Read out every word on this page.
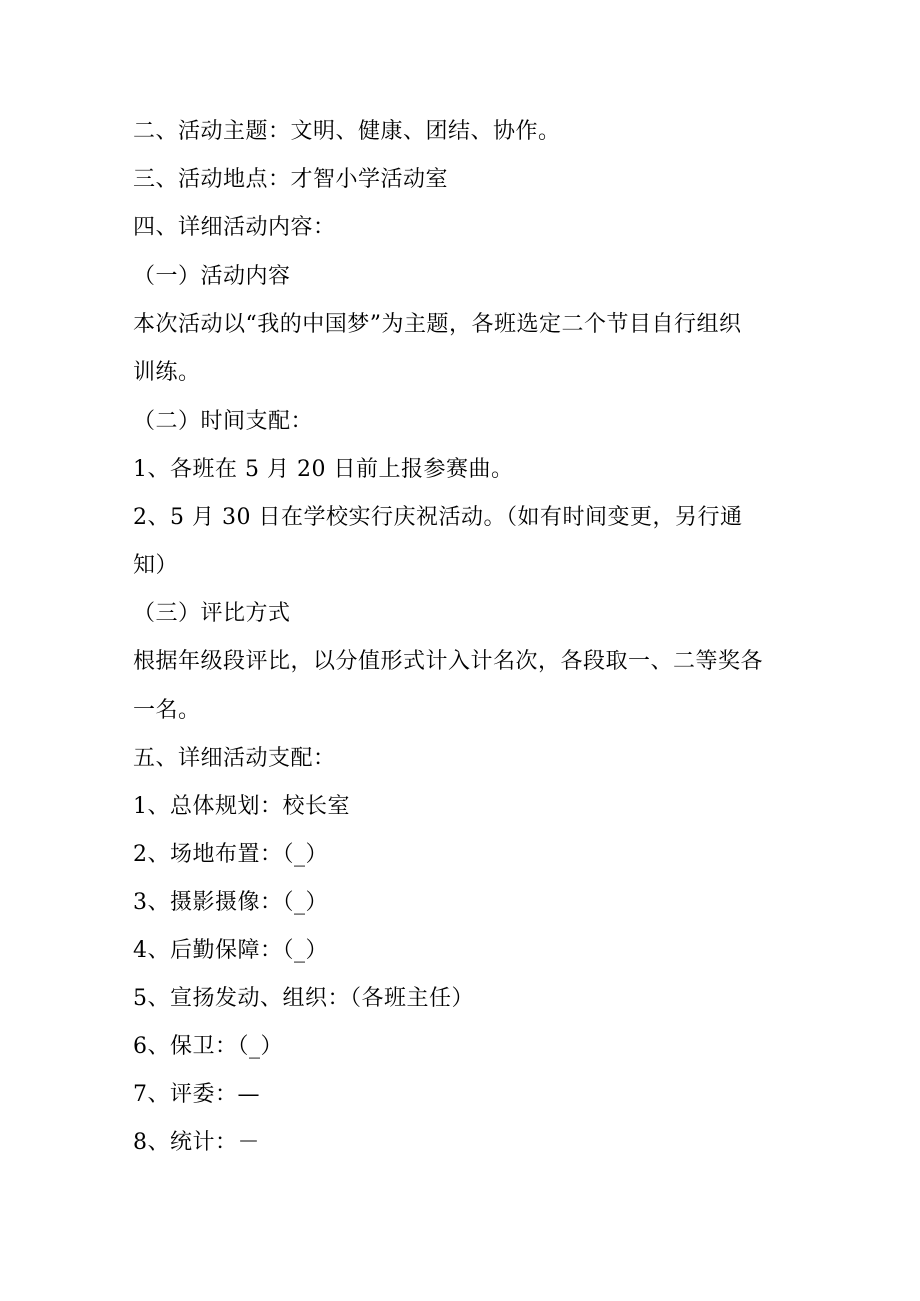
二、活动主题：文明、健康、团结、协作。
三、活动地点：才智小学活动室
四、详细活动内容：
（一）活动内容
本次活动以“我的中国梦”为主题，各班选定二个节目自行组织
训练。
（二）时间支配：
1、各班在 5 月 20 日前上报参赛曲。
2、5 月 30 日在学校实行庆祝活动。（如有时间变更，另行通
知）
（三）评比方式
根据年级段评比，以分值形式计入计名次，各段取一、二等奖各
一名。
五、详细活动支配：
1、总体规划：校长室
2、场地布置：（_）
3、摄影摄像：（_）
4、后勤保障：（_）
5、宣扬发动、组织：（各班主任）
6、保卫：（_）
7、评委：—
8、统计：－
